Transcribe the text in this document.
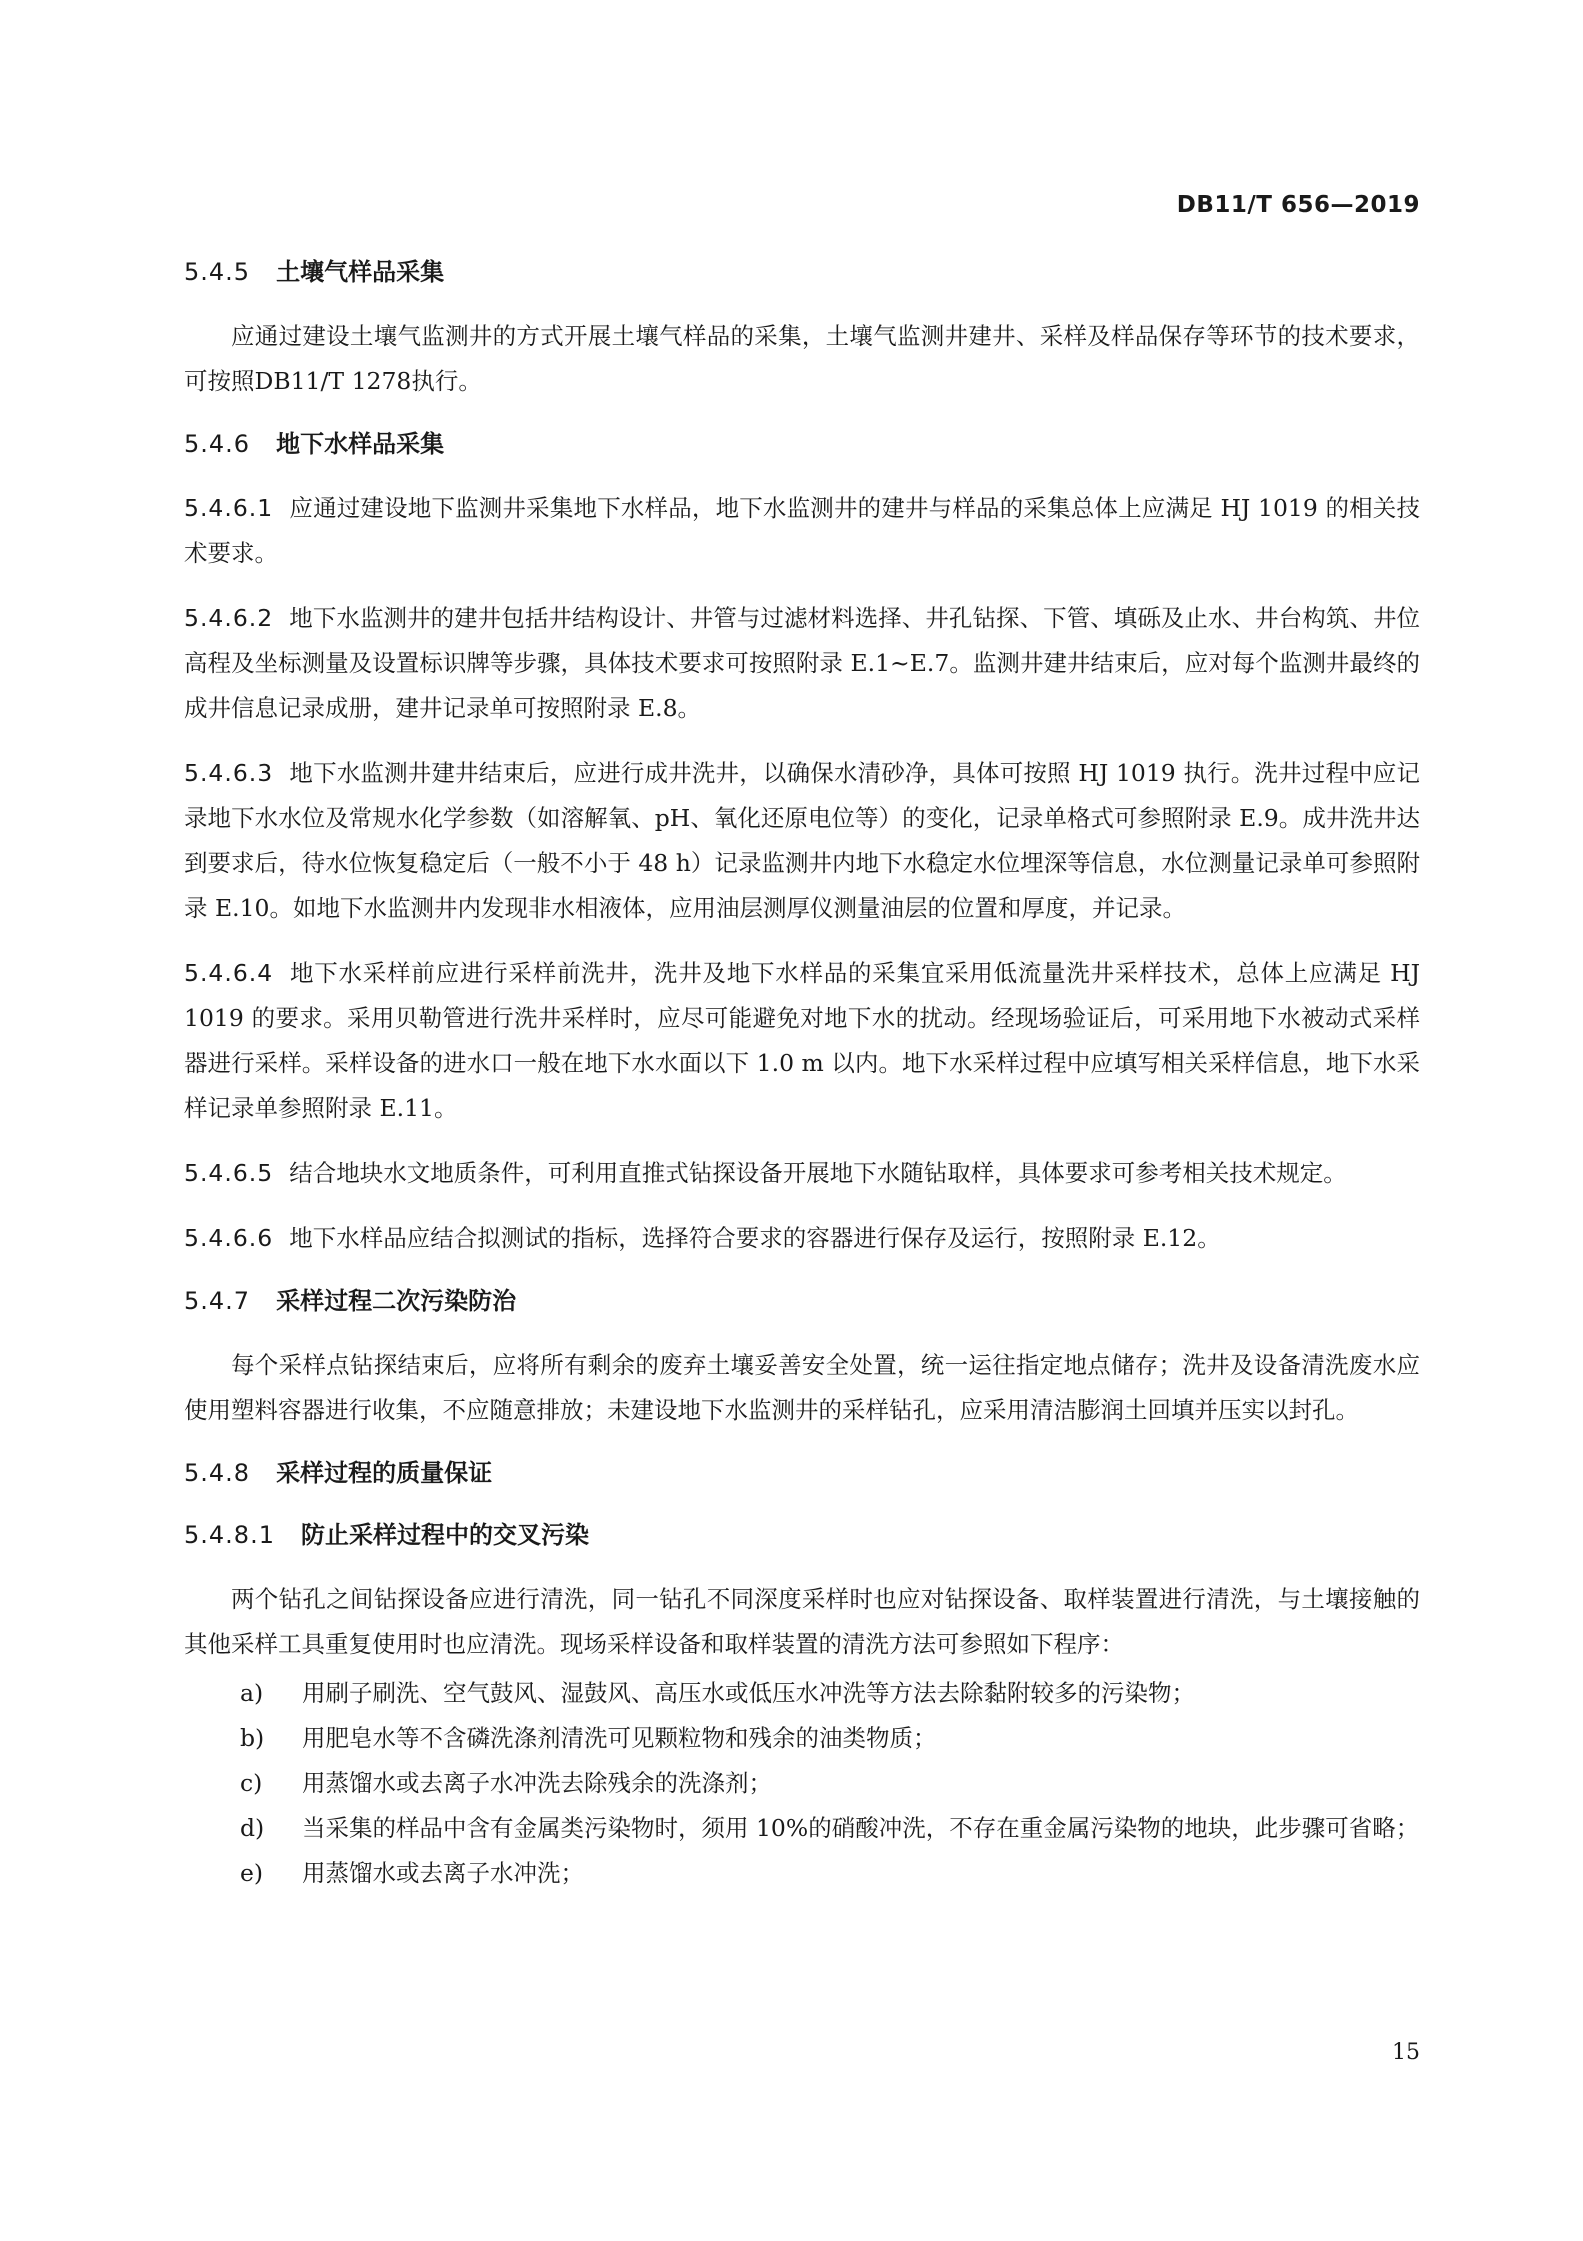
DB11/T 656—2019
5.4.5 土壤气样品采集

应通过建设土壤气监测井的方式开展土壤气样品的采集，土壤气监测井建井、采样及样品保存等环节的技术要求，可按照DB11/T 1278执行。

5.4.6 地下水样品采集

5.4.6.1 应通过建设地下监测井采集地下水样品，地下水监测井的建井与样品的采集总体上应满足 HJ 1019 的相关技术要求。

5.4.6.2 地下水监测井的建井包括井结构设计、井管与过滤材料选择、井孔钻探、下管、填砾及止水、井台构筑、井位高程及坐标测量及设置标识牌等步骤，具体技术要求可按照附录 E.1~E.7。监测井建井结束后，应对每个监测井最终的成井信息记录成册，建井记录单可按照附录 E.8。

5.4.6.3 地下水监测井建井结束后，应进行成井洗井，以确保水清砂净，具体可按照 HJ 1019 执行。洗井过程中应记录地下水水位及常规水化学参数（如溶解氧、pH、氧化还原电位等）的变化，记录单格式可参照附录 E.9。成井洗井达到要求后，待水位恢复稳定后（一般不小于 48 h）记录监测井内地下水稳定水位埋深等信息，水位测量记录单可参照附录 E.10。如地下水监测井内发现非水相液体，应用油层测厚仪测量油层的位置和厚度，并记录。

5.4.6.4 地下水采样前应进行采样前洗井，洗井及地下水样品的采集宜采用低流量洗井采样技术，总体上应满足 HJ 1019 的要求。采用贝勒管进行洗井采样时，应尽可能避免对地下水的扰动。经现场验证后，可采用地下水被动式采样器进行采样。采样设备的进水口一般在地下水水面以下 1.0 m 以内。地下水采样过程中应填写相关采样信息，地下水采样记录单参照附录 E.11。

5.4.6.5 结合地块水文地质条件，可利用直推式钻探设备开展地下水随钻取样，具体要求可参考相关技术规定。

5.4.6.6 地下水样品应结合拟测试的指标，选择符合要求的容器进行保存及运行，按照附录 E.12。

5.4.7 采样过程二次污染防治

每个采样点钻探结束后，应将所有剩余的废弃土壤妥善安全处置，统一运往指定地点储存；洗井及设备清洗废水应使用塑料容器进行收集，不应随意排放；未建设地下水监测井的采样钻孔，应采用清洁膨润土回填并压实以封孔。

5.4.8 采样过程的质量保证
5.4.8.1 防止采样过程中的交叉污染

两个钻孔之间钻探设备应进行清洗，同一钻孔不同深度采样时也应对钻探设备、取样装置进行清洗，与土壤接触的其他采样工具重复使用时也应清洗。现场采样设备和取样装置的清洗方法可参照如下程序：

a)	用刷子刷洗、空气鼓风、湿鼓风、高压水或低压水冲洗等方法去除黏附较多的污染物；
b)	用肥皂水等不含磷洗涤剂清洗可见颗粒物和残余的油类物质；
c)	用蒸馏水或去离子水冲洗去除残余的洗涤剂；
d)	当采集的样品中含有金属类污染物时，须用 10%的硝酸冲洗，不存在重金属污染物的地块，此步骤可省略；
e)	用蒸馏水或去离子水冲洗；
15
